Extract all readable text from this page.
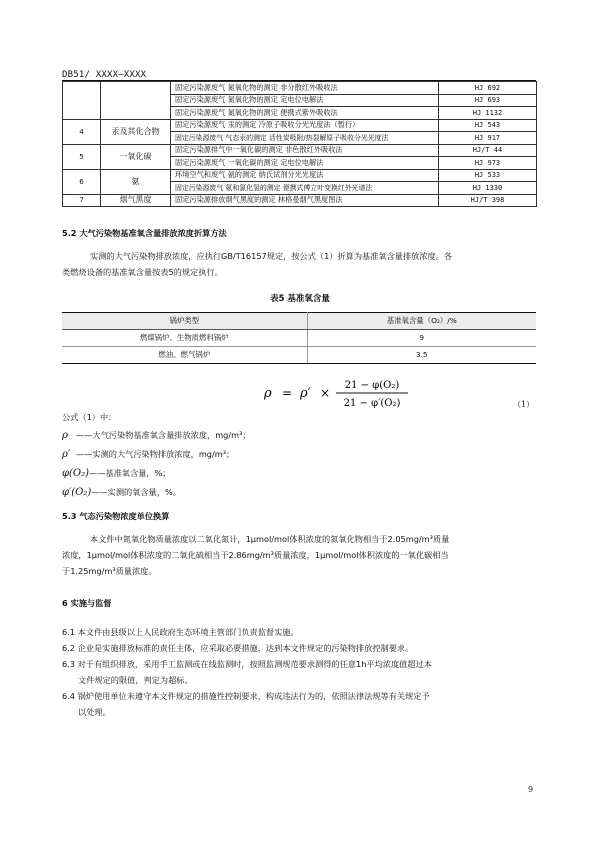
DB51/ XXXX—XXXX
		固定污染源废气 氮氧化物的测定 非分散红外吸收法	HJ 692
		固定污染源废气 氮氧化物的测定 定电位电解法	HJ 693
		固定污染源废气 氮氧化物的测定 便携式紫外吸收法	HJ 1132
4	汞及其化合物	固定污染源废气 汞的测定 冷原子吸收分光光度法（暂行）	HJ 543
		固定污染源废气 气态汞的测定 活性炭吸附/热裂解原子吸收分光光度法	HJ 917
5	一氧化碳	固定污染源排气中一氧化碳的测定 非色散红外吸收法	HJ/T 44
		固定污染源废气 一氧化碳的测定 定电位电解法	HJ 973
6	氨	环境空气和废气 氨的测定 纳氏试剂分光光度法	HJ 533
		固定污染源废气 氨和氯化氢的测定 便携式傅立叶变换红外光谱法	HJ 1330
7	烟气黑度	固定污染源排放烟气黑度的测定 林格曼烟气黑度图法	HJ/T 398
5.2 大气污染物基准氧含量排放浓度折算方法
实测的大气污染物排放浓度，应执行GB/T16157规定，按公式（1）折算为基准氧含量排放浓度。各
类燃烧设备的基准氧含量按表5的规定执行。
表5 基准氧含量
锅炉类型	基准氧含量（O₂）/%
燃煤锅炉、生物质燃料锅炉	9
燃油、燃气锅炉	3.5
ρ = ρ′ ×
21 − φ(O₂)
21 − φ′(O₂)	（1）
公式（1）中：
ρ ——大气污染物基准氧含量排放浓度，mg/m³；
ρ′ ——实测的大气污染物排放浓度，mg/m³；
φ(O₂)——基准氧含量，%；
φ′(O₂)——实测的氧含量，%。
5.3 气态污染物浓度单位换算
本文件中氮氧化物质量浓度以二氧化氮计，1μmol/mol体积浓度的氮氧化物相当于2.05mg/m³质量
浓度，1μmol/mol体积浓度的二氧化硫相当于2.86mg/m³质量浓度，1μmol/mol体积浓度的一氧化碳相当
于1.25mg/m³质量浓度。
6 实施与监督
6.1 本文件由县级以上人民政府生态环境主管部门负责监督实施。
6.2 企业是实施排放标准的责任主体，应采取必要措施，达到本文件规定的污染物排放控制要求。
6.3 对于有组织排放，采用手工监测或在线监测时，按照监测规范要求测得的任意1h平均浓度值超过本
文件规定的限值，判定为超标。
6.4 锅炉使用单位未遵守本文件规定的措施性控制要求，构成违法行为的，依照法律法规等有关规定予
以处理。
9
